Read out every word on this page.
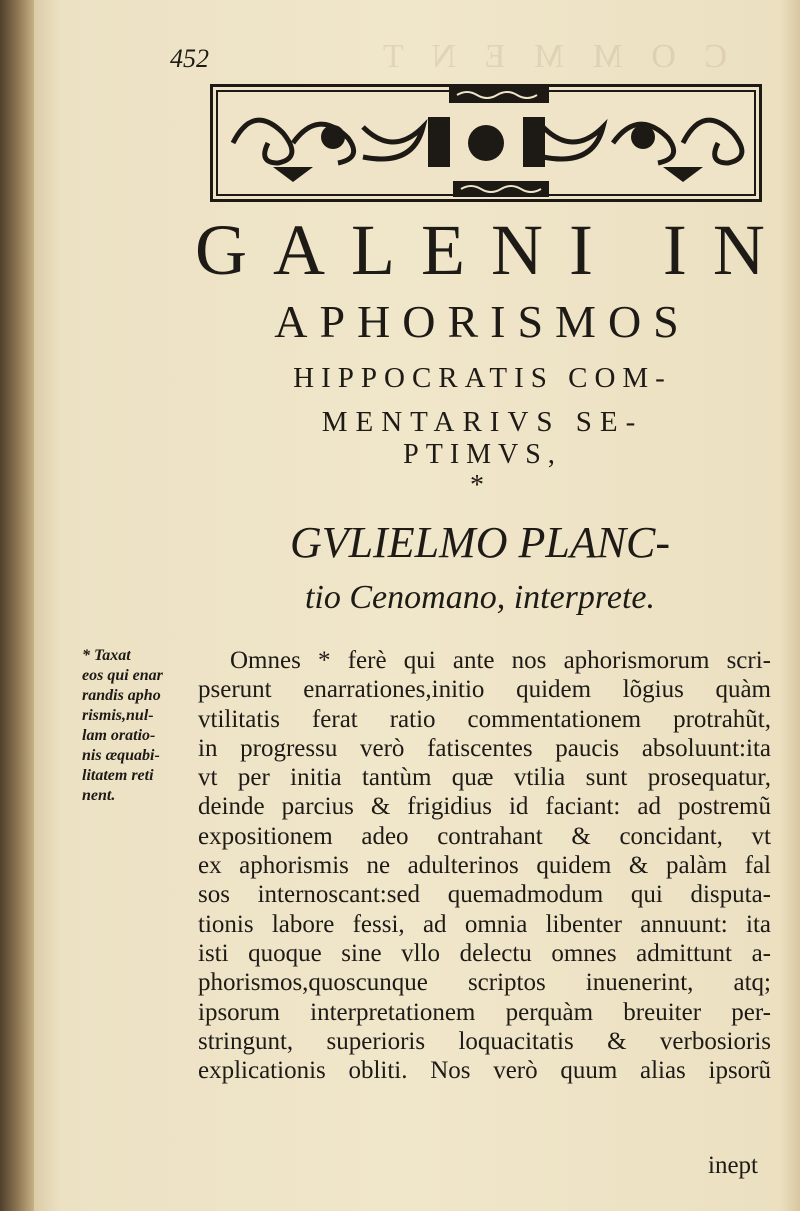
C O M M E N T
452
GALENI IN
APHORISMOS
HIPPOCRATIS COM-
MENTARIVS SE-
PTIMVS,
*
GVLIELMO PLANC-
tio Cenomano, interprete.
* Taxat
eos qui enar
randis apho
rismis,nul-
lam oratio-
nis æquabi-
litatem reti
nent.
Omnes * ferè qui ante nos aphorismorum scri-
pserunt enarrationes,initio quidem lõgius quàm
vtilitatis ferat ratio commentationem protrahũt,
in progressu verò fatiscentes paucis absoluunt:ita
vt per initia tantùm quæ vtilia sunt prosequatur,
deinde parcius & frigidius id faciant: ad postremũ
expositionem adeo contrahant & concidant, vt
ex aphorismis ne adulterinos quidem & palàm fal
sos internoscant:sed quemadmodum qui disputa-
tionis labore fessi, ad omnia libenter annuunt: ita
isti quoque sine vllo delectu omnes admittunt a-
phorismos,quoscunque scriptos inuenerint, atq;
ipsorum interpretationem perquàm breuiter per-
stringunt, superioris loquacitatis & verbosioris
explicationis obliti. Nos verò quum alias ipsorũ
inept
